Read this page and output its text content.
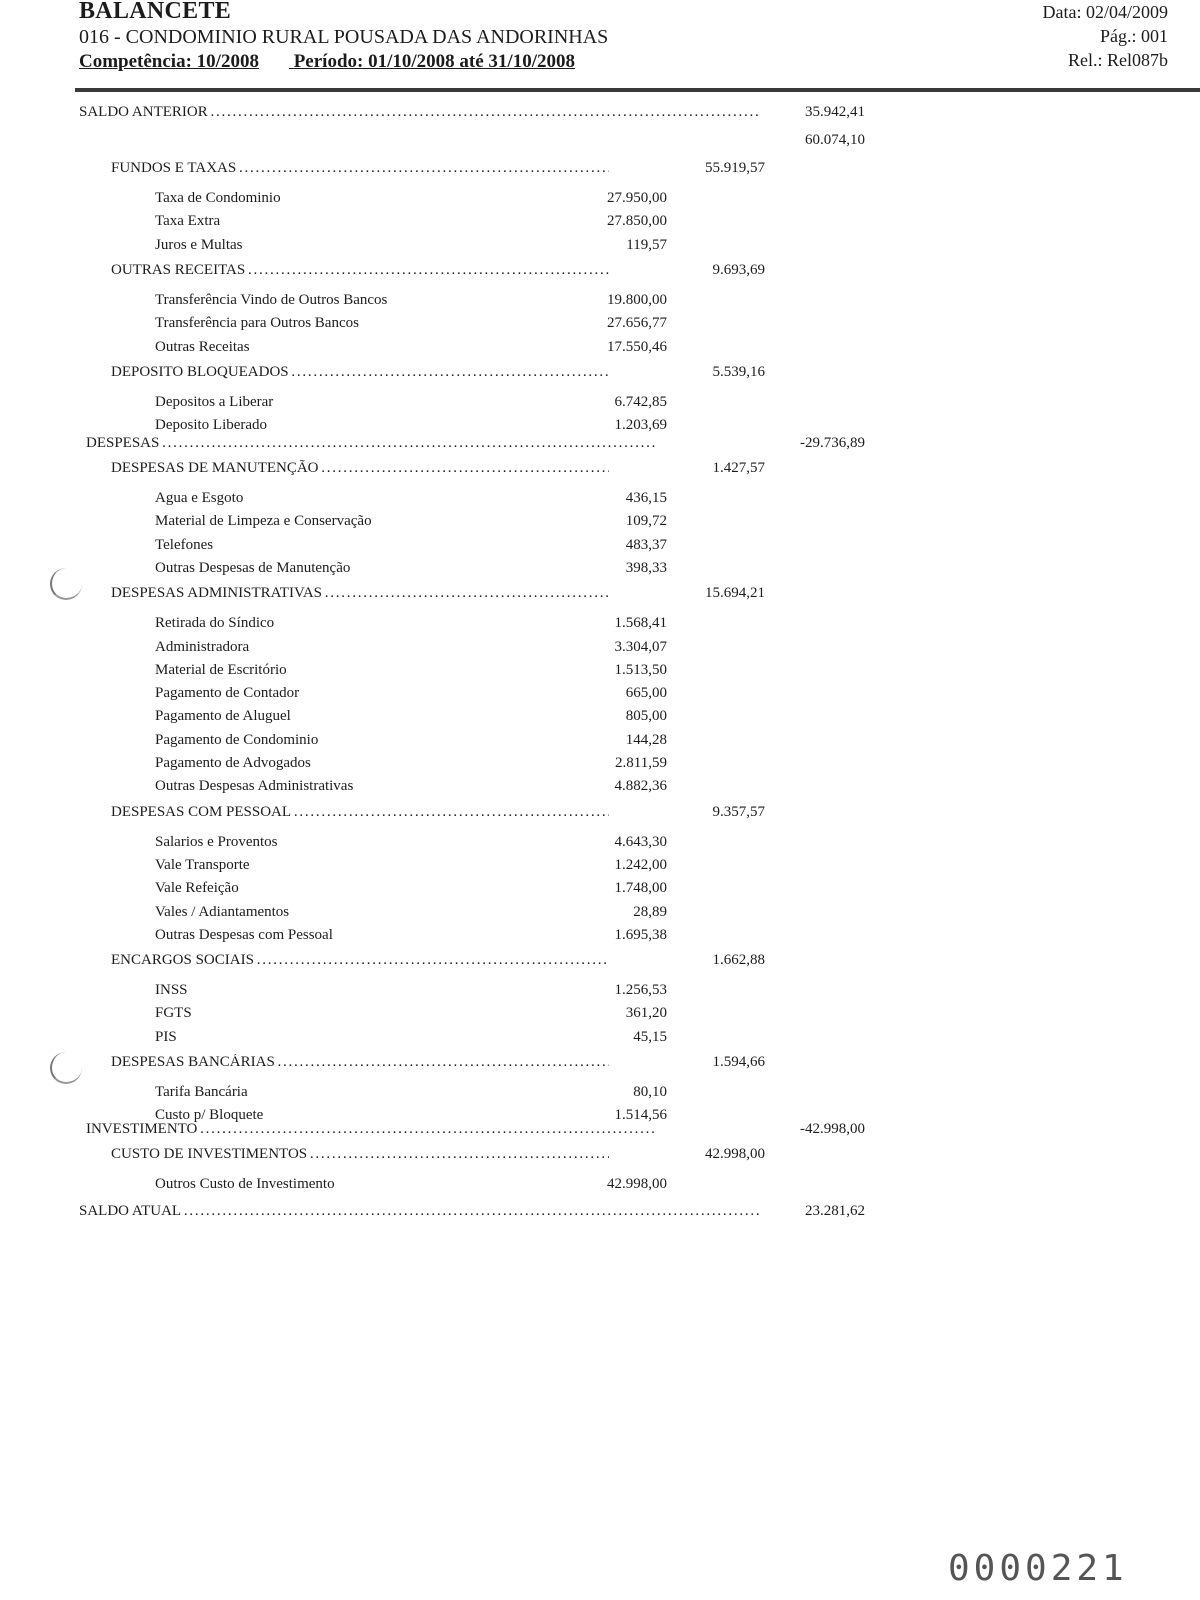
BALANCETE
016 - CONDOMINIO RURAL POUSADA DAS ANDORINHAS
Competência: 10/2008 Período: 01/10/2008 até 31/10/2008
Data: 02/04/2009
Pág.: 001
Rel.: Rel087b
SALDO ANTERIOR . . .	35.942,41
60.074,10
FUNDOS E TAXAS . . .	55.919,57
Taxa de Condominio	27.950,00
Taxa Extra	27.850,00
Juros e Multas	119,57
OUTRAS RECEITAS . . .	9.693,69
Transferência Vindo de Outros Bancos	19.800,00
Transferência para Outros Bancos	27.656,77
Outras Receitas	17.550,46
DEPOSITO BLOQUEADOS . . .	5.539,16
Depositos a Liberar	6.742,85
Deposito Liberado	1.203,69
DESPESAS . . .	-29.736,89
DESPESAS DE MANUTENÇÃO . . .	1.427,57
Agua e Esgoto	436,15
Material de Limpeza e Conservação	109,72
Telefones	483,37
Outras Despesas de Manutenção	398,33
DESPESAS ADMINISTRATIVAS . . .	15.694,21
Retirada do Síndico	1.568,41
Administradora	3.304,07
Material de Escritório	1.513,50
Pagamento de Contador	665,00
Pagamento de Aluguel	805,00
Pagamento de Condominio	144,28
Pagamento de Advogados	2.811,59
Outras Despesas Administrativas	4.882,36
DESPESAS COM PESSOAL . . .	9.357,57
Salarios e Proventos	4.643,30
Vale Transporte	1.242,00
Vale Refeição	1.748,00
Vales / Adiantamentos	28,89
Outras Despesas com Pessoal	1.695,38
ENCARGOS SOCIAIS . . .	1.662,88
INSS	1.256,53
FGTS	361,20
PIS	45,15
DESPESAS BANCÁRIAS . . .	1.594,66
Tarifa Bancária	80,10
Custo p/ Bloquete	1.514,56
INVESTIMENTO . . .	-42.998,00
CUSTO DE INVESTIMENTOS . . .	42.998,00
Outros Custo de Investimento	42.998,00
SALDO ATUAL . . .	23.281,62
0000221
